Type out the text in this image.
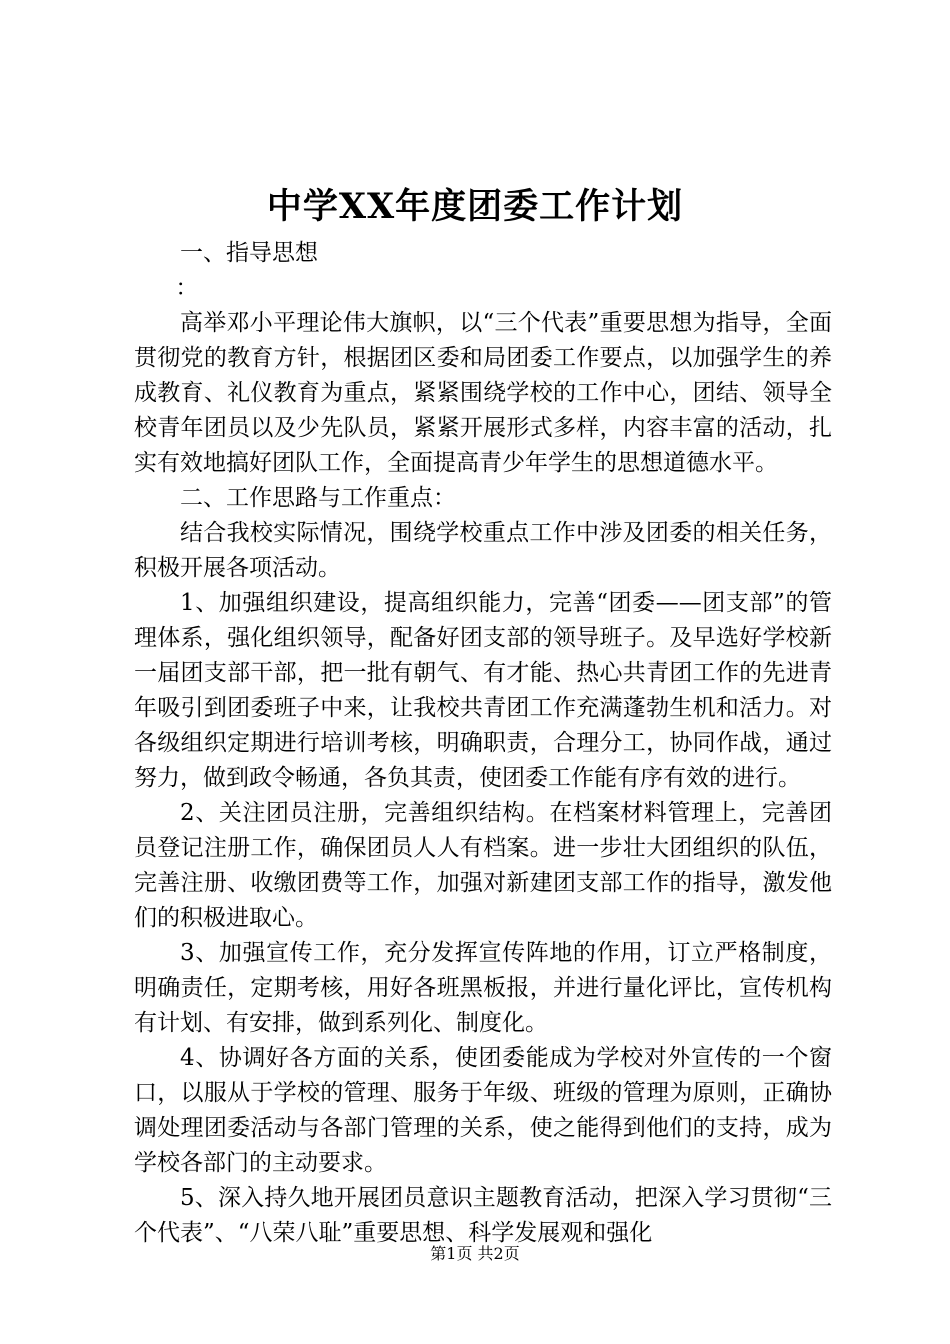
中学XX年度团委工作计划

一、指导思想

：

高举邓小平理论伟大旗帜，以“三个代表”重要思想为指导，全面贯彻党的教育方针，根据团区委和局团委工作要点，以加强学生的养成教育、礼仪教育为重点，紧紧围绕学校的工作中心，团结、领导全校青年团员以及少先队员，紧紧开展形式多样，内容丰富的活动，扎实有效地搞好团队工作，全面提高青少年学生的思想道德水平。

二、工作思路与工作重点：

结合我校实际情况，围绕学校重点工作中涉及团委的相关任务，积极开展各项活动。

1、加强组织建设，提高组织能力，完善“团委——团支部”的管理体系，强化组织领导，配备好团支部的领导班子。及早选好学校新一届团支部干部，把一批有朝气、有才能、热心共青团工作的先进青年吸引到团委班子中来，让我校共青团工作充满蓬勃生机和活力。对各级组织定期进行培训考核，明确职责，合理分工，协同作战，通过努力，做到政令畅通，各负其责，使团委工作能有序有效的进行。

2、关注团员注册，完善组织结构。在档案材料管理上，完善团员登记注册工作，确保团员人人有档案。进一步壮大团组织的队伍，完善注册、收缴团费等工作，加强对新建团支部工作的指导，激发他们的积极进取心。

3、加强宣传工作，充分发挥宣传阵地的作用，订立严格制度，明确责任，定期考核，用好各班黑板报，并进行量化评比，宣传机构有计划、有安排，做到系列化、制度化。

4、协调好各方面的关系，使团委能成为学校对外宣传的一个窗口，以服从于学校的管理、服务于年级、班级的管理为原则，正确协调处理团委活动与各部门管理的关系，使之能得到他们的支持，成为学校各部门的主动要求。

5、深入持久地开展团员意识主题教育活动，把深入学习贯彻“三个代表”、“八荣八耻”重要思想、科学发展观和强化

第1页 共2页
